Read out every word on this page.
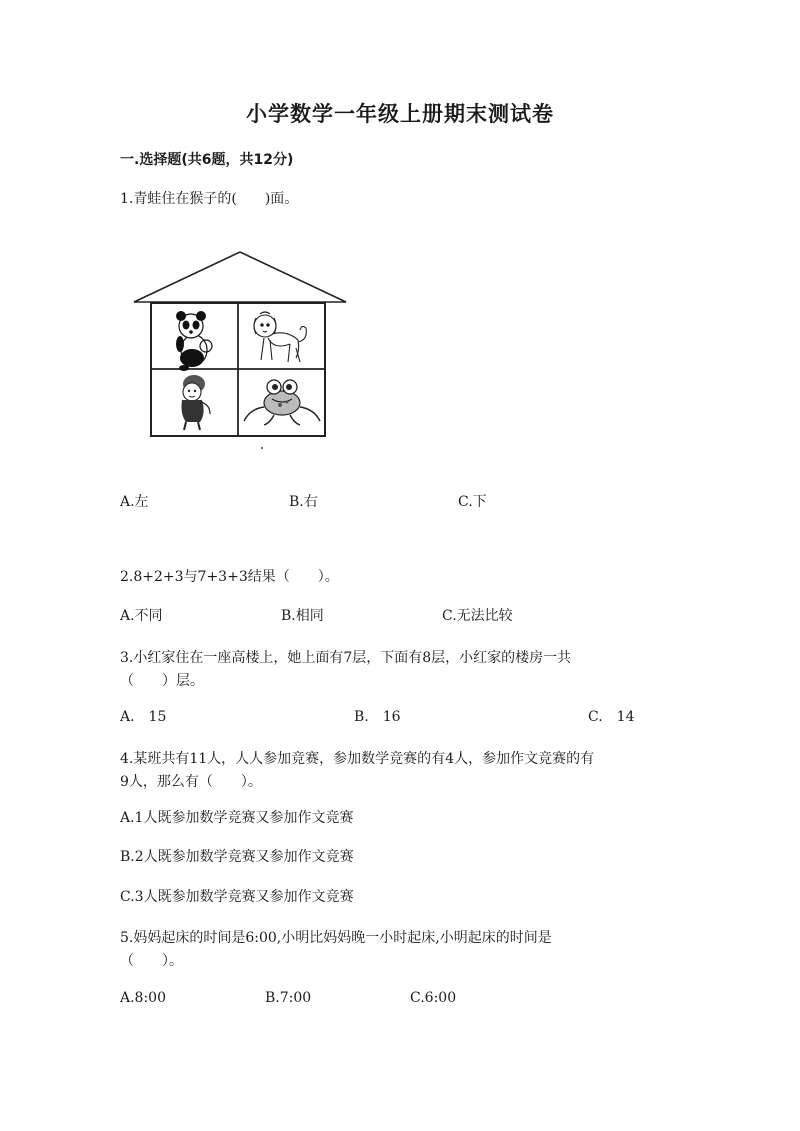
小学数学一年级上册期末测试卷
一.选择题(共6题，共12分)
1.青蛙住在猴子的(　　)面。
A.左	B.右	C.下
2.8+2+3与7+3+3结果（　　）。
A.不同	B.相同	C.无法比较
3.小红家住在一座高楼上，她上面有7层，下面有8层，小红家的楼房一共
（　　）层。
A.　15	B.　16	C.　14
4.某班共有11人，人人参加竞赛，参加数学竞赛的有4人，参加作文竞赛的有
9人，那么有（　　）。
A.1人既参加数学竞赛又参加作文竞赛
B.2人既参加数学竞赛又参加作文竞赛
C.3人既参加数学竞赛又参加作文竞赛
5.妈妈起床的时间是6:00,小明比妈妈晚一小时起床,小明起床的时间是
（　　）。
A.8:00	B.7:00	C.6:00
